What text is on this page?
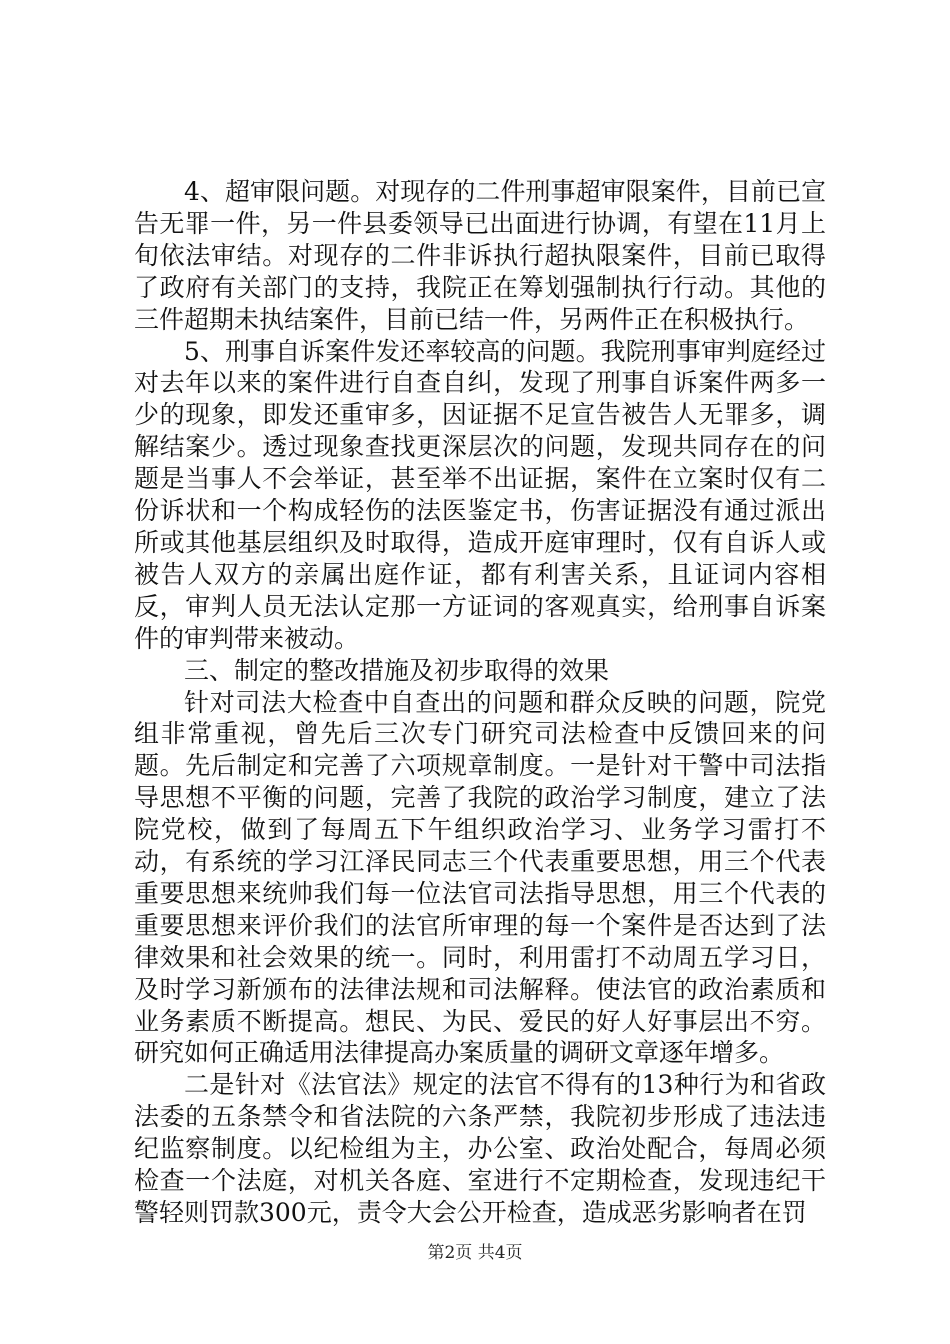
4、超审限问题。对现存的二件刑事超审限案件，目前已宣告无罪一件，另一件县委领导已出面进行协调，有望在11月上旬依法审结。对现存的二件非诉执行超执限案件，目前已取得了政府有关部门的支持，我院正在筹划强制执行行动。其他的三件超期未执结案件，目前已结一件，另两件正在积极执行。

5、刑事自诉案件发还率较高的问题。我院刑事审判庭经过对去年以来的案件进行自查自纠，发现了刑事自诉案件两多一少的现象，即发还重审多，因证据不足宣告被告人无罪多，调解结案少。透过现象查找更深层次的问题，发现共同存在的问题是当事人不会举证，甚至举不出证据，案件在立案时仅有二份诉状和一个构成轻伤的法医鉴定书，伤害证据没有通过派出所或其他基层组织及时取得，造成开庭审理时，仅有自诉人或被告人双方的亲属出庭作证，都有利害关系，且证词内容相反，审判人员无法认定那一方证词的客观真实，给刑事自诉案件的审判带来被动。

三、制定的整改措施及初步取得的效果

针对司法大检查中自查出的问题和群众反映的问题，院党组非常重视，曾先后三次专门研究司法检查中反馈回来的问题。先后制定和完善了六项规章制度。一是针对干警中司法指导思想不平衡的问题，完善了我院的政治学习制度，建立了法院党校，做到了每周五下午组织政治学习、业务学习雷打不动，有系统的学习江泽民同志三个代表重要思想，用三个代表重要思想来统帅我们每一位法官司法指导思想，用三个代表的重要思想来评价我们的法官所审理的每一个案件是否达到了法律效果和社会效果的统一。同时，利用雷打不动周五学习日，及时学习新颁布的法律法规和司法解释。使法官的政治素质和业务素质不断提高。想民、为民、爱民的好人好事层出不穷。研究如何正确适用法律提高办案质量的调研文章逐年增多。

二是针对《法官法》规定的法官不得有的13种行为和省政法委的五条禁令和省法院的六条严禁，我院初步形成了违法违纪监察制度。以纪检组为主，办公室、政治处配合，每周必须检查一个法庭，对机关各庭、室进行不定期检查，发现违纪干警轻则罚款300元，责令大会公开检查，造成恶劣影响者在罚

第2页 共4页
